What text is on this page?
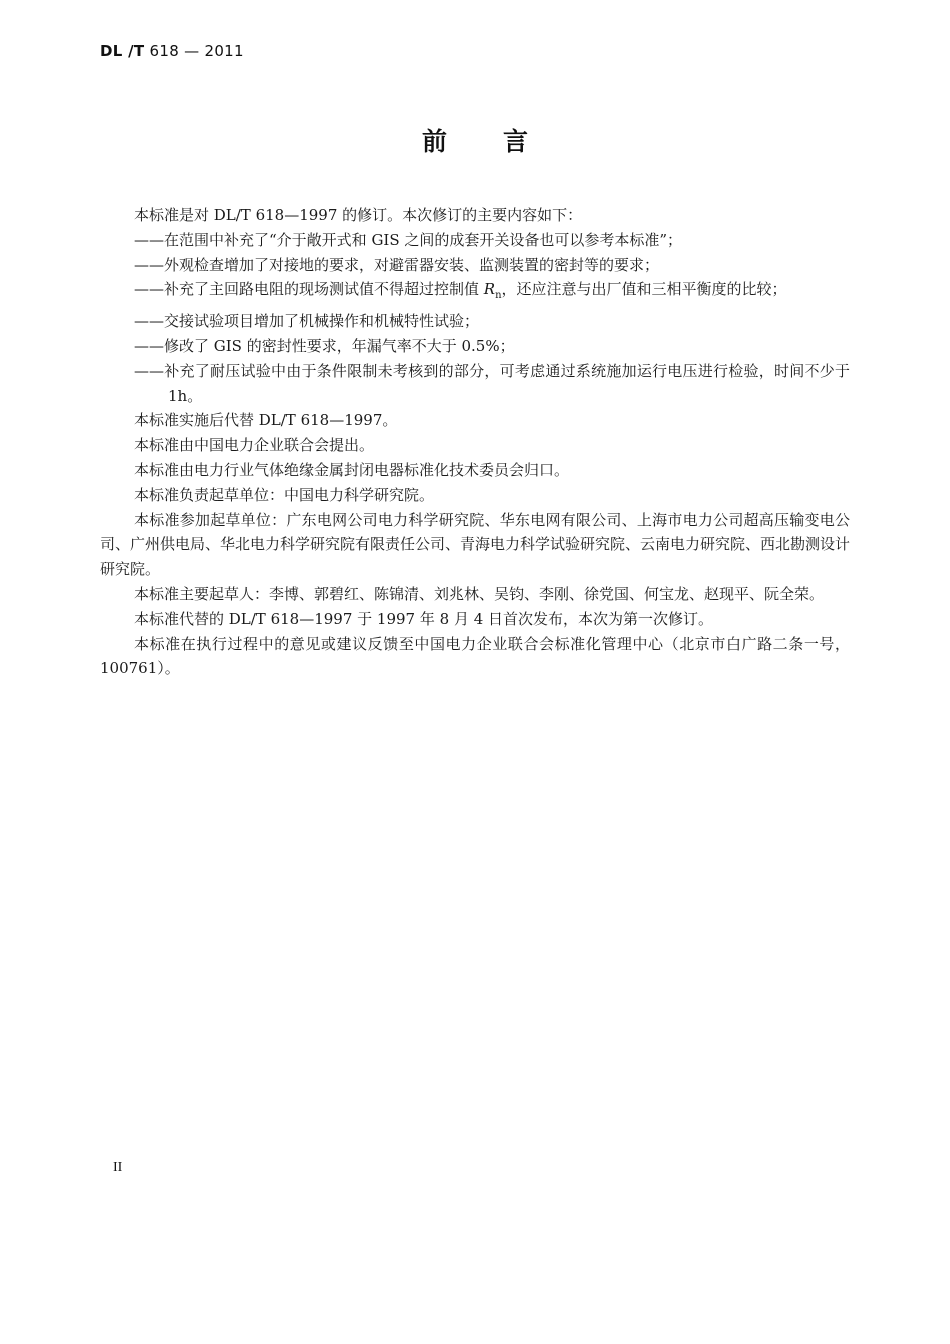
DL /T 618 — 2011
前 言

本标准是对 DL/T 618—1997 的修订。本次修订的主要内容如下：

——在范围中补充了“介于敞开式和 GIS 之间的成套开关设备也可以参考本标准”；

——外观检查增加了对接地的要求，对避雷器安装、监测装置的密封等的要求；

——补充了主回路电阻的现场测试值不得超过控制值 $R_n$，还应注意与出厂值和三相平衡度的比较；

——交接试验项目增加了机械操作和机械特性试验；

——修改了 GIS 的密封性要求，年漏气率不大于 0.5%；

——补充了耐压试验中由于条件限制未考核到的部分，可考虑通过系统施加运行电压进行检验，时间不少于 1h。

本标准实施后代替 DL/T 618—1997。

本标准由中国电力企业联合会提出。

本标准由电力行业气体绝缘金属封闭电器标准化技术委员会归口。

本标准负责起草单位：中国电力科学研究院。

本标准参加起草单位：广东电网公司电力科学研究院、华东电网有限公司、上海市电力公司超高压输变电公司、广州供电局、华北电力科学研究院有限责任公司、青海电力科学试验研究院、云南电力研究院、西北勘测设计研究院。

本标准主要起草人：李博、郭碧红、陈锦清、刘兆林、吴钧、李刚、徐党国、何宝龙、赵现平、阮全荣。

本标准代替的 DL/T 618—1997 于 1997 年 8 月 4 日首次发布，本次为第一次修订。

本标准在执行过程中的意见或建议反馈至中国电力企业联合会标准化管理中心（北京市白广路二条一号，100761）。

II
